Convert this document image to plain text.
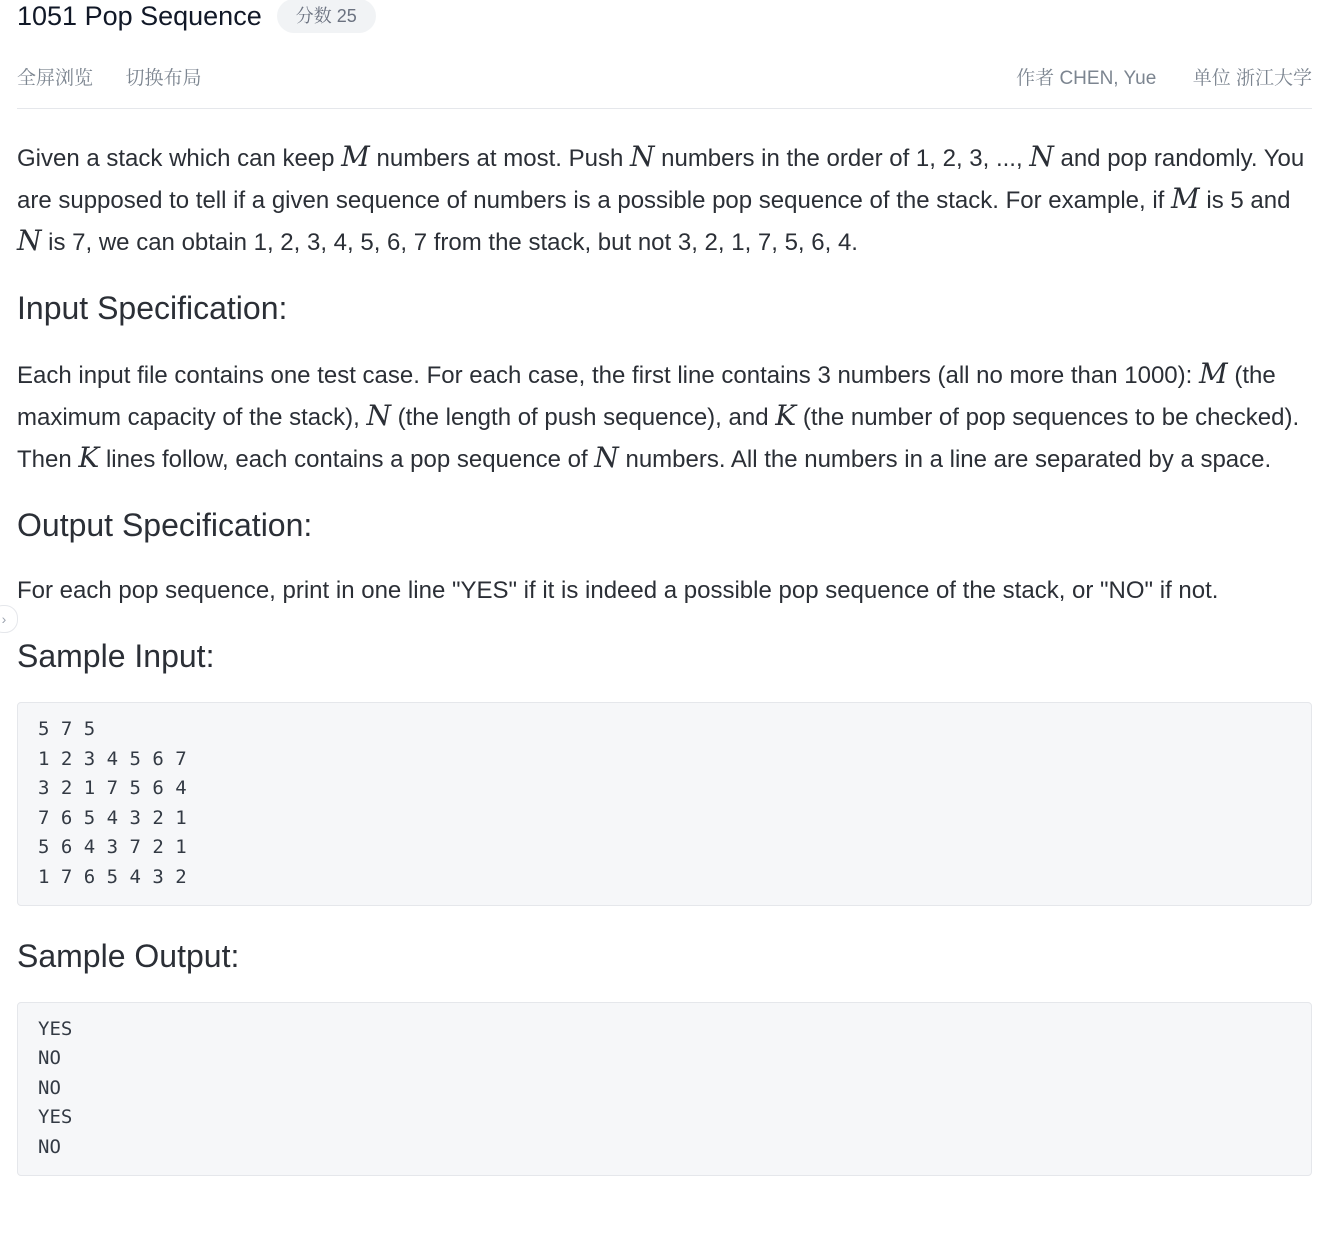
1051 Pop Sequence	分数 25
全屏浏览 切换布局	作者 CHEN, Yue 单位 浙江大学

Given a stack which can keep M numbers at most. Push N numbers in the order of 1, 2, 3, ..., N and pop randomly. You are supposed to tell if a given sequence of numbers is a possible pop sequence of the stack. For example, if M is 5 and N is 7, we can obtain 1, 2, 3, 4, 5, 6, 7 from the stack, but not 3, 2, 1, 7, 5, 6, 4.

Input Specification:

Each input file contains one test case. For each case, the first line contains 3 numbers (all no more than 1000): M (the maximum capacity of the stack), N (the length of push sequence), and K (the number of pop sequences to be checked). Then K lines follow, each contains a pop sequence of N numbers. All the numbers in a line are separated by a space.

Output Specification:

For each pop sequence, print in one line "YES" if it is indeed a possible pop sequence of the stack, or "NO" if not.

Sample Input:
5 7 5
1 2 3 4 5 6 7
3 2 1 7 5 6 4
7 6 5 4 3 2 1
5 6 4 3 7 2 1
1 7 6 5 4 3 2
Sample Output:
YES
NO
NO
YES
NO
›
